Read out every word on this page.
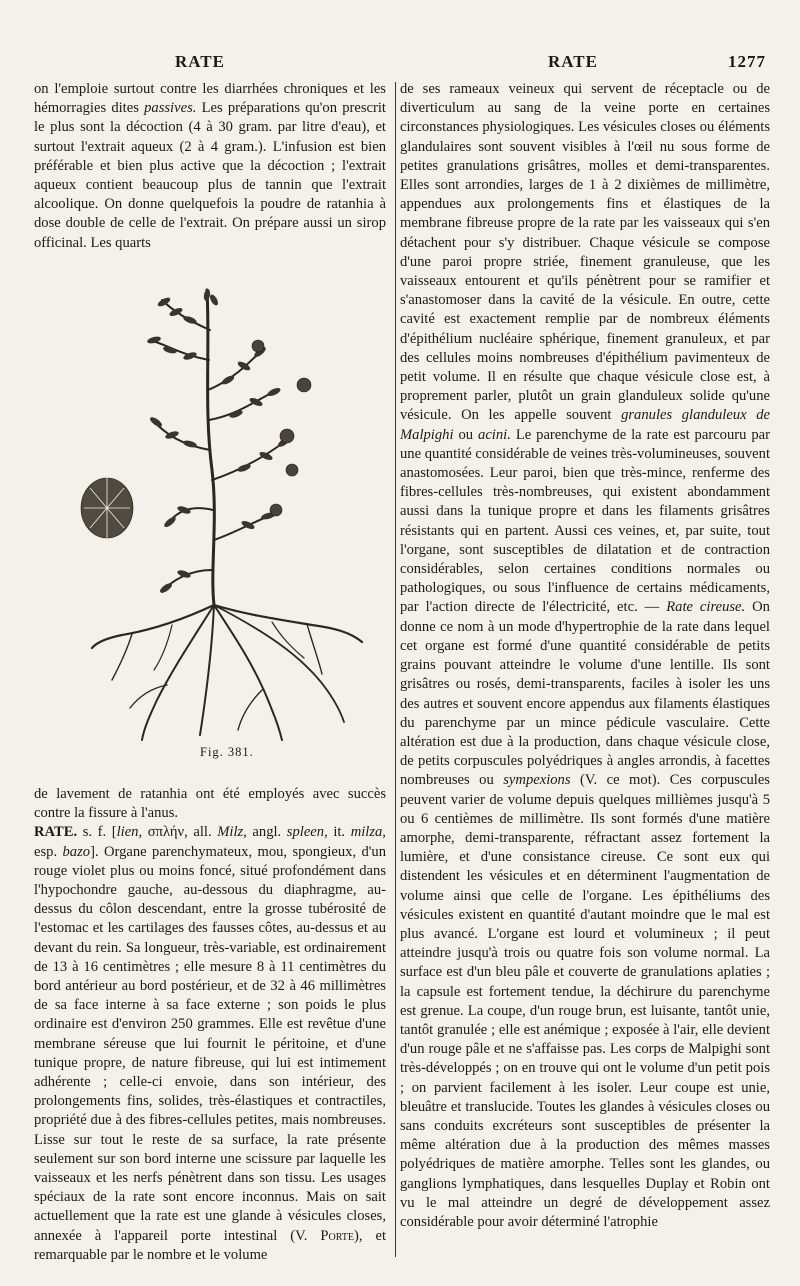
RATE	RATE	1277

on l'emploie surtout contre les diarrhées chroniques et les hémorragies dites passives. Les préparations qu'on prescrit le plus sont la décoction (4 à 30 gram. par litre d'eau), et surtout l'extrait aqueux (2 à 4 gram.). L'infusion est bien préférable et bien plus active que la décoction ; l'extrait aqueux contient beaucoup plus de tannin que l'extrait alcoolique. On donne quelquefois la poudre de ratanhia à dose double de celle de l'extrait. On prépare aussi un sirop officinal. Les quarts

Fig. 381.

de lavement de ratanhia ont été employés avec succès contre la fissure à l'anus.

RATE. s. f. [lien, σπλήν, all. Milz, angl. spleen, it. milza, esp. bazo]. Organe parenchymateux, mou, spongieux, d'un rouge violet plus ou moins foncé, situé profondément dans l'hypochondre gauche, au-dessous du diaphragme, au-dessus du côlon descendant, entre la grosse tubérosité de l'estomac et les cartilages des fausses côtes, au-dessus et au devant du rein. Sa longueur, très-variable, est ordinairement de 13 à 16 centimètres ; elle mesure 8 à 11 centimètres du bord antérieur au bord postérieur, et de 32 à 46 millimètres de sa face interne à sa face externe ; son poids le plus ordinaire est d'environ 250 grammes. Elle est revêtue d'une membrane séreuse que lui fournit le péritoine, et d'une tunique propre, de nature fibreuse, qui lui est intimement adhérente ; celle-ci envoie, dans son intérieur, des prolongements fins, solides, très-élastiques et contractiles, propriété due à des fibres-cellules petites, mais nombreuses. Lisse sur tout le reste de sa surface, la rate présente seulement sur son bord interne une scissure par laquelle les vaisseaux et les nerfs pénètrent dans son tissu. Les usages spéciaux de la rate sont encore inconnus. Mais on sait actuellement que la rate est une glande à vésicules closes, annexée à l'appareil porte intestinal (V. Porte), et remarquable par le nombre et le volume

de ses rameaux veineux qui servent de réceptacle ou de diverticulum au sang de la veine porte en certaines circonstances physiologiques. Les vésicules closes ou éléments glandulaires sont souvent visibles à l'œil nu sous forme de petites granulations grisâtres, molles et demi-transparentes. Elles sont arrondies, larges de 1 à 2 dixièmes de millimètre, appendues aux prolongements fins et élastiques de la membrane fibreuse propre de la rate par les vaisseaux qui s'en détachent pour s'y distribuer. Chaque vésicule se compose d'une paroi propre striée, finement granuleuse, que les vaisseaux entourent et qu'ils pénètrent pour se ramifier et s'anastomoser dans la cavité de la vésicule. En outre, cette cavité est exactement remplie par de nombreux éléments d'épithélium nucléaire sphérique, finement granuleux, et par des cellules moins nombreuses d'épithélium pavimenteux de petit volume. Il en résulte que chaque vésicule close est, à proprement parler, plutôt un grain glanduleux solide qu'une vésicule. On les appelle souvent granules glanduleux de Malpighi ou acini. Le parenchyme de la rate est parcouru par une quantité considérable de veines très-volumineuses, souvent anastomosées. Leur paroi, bien que très-mince, renferme des fibres-cellules très-nombreuses, qui existent abondamment aussi dans la tunique propre et dans les filaments grisâtres résistants qui en partent. Aussi ces veines, et, par suite, tout l'organe, sont susceptibles de dilatation et de contraction considérables, selon certaines conditions normales ou pathologiques, ou sous l'influence de certains médicaments, par l'action directe de l'électricité, etc. — Rate cireuse. On donne ce nom à un mode d'hypertrophie de la rate dans lequel cet organe est formé d'une quantité considérable de petits grains pouvant atteindre le volume d'une lentille. Ils sont grisâtres ou rosés, demi-transparents, faciles à isoler les uns des autres et souvent encore appendus aux filaments élastiques du parenchyme par un mince pédicule vasculaire. Cette altération est due à la production, dans chaque vésicule close, de petits corpuscules polyédriques à angles arrondis, à facettes nombreuses ou sympexions (V. ce mot). Ces corpuscules peuvent varier de volume depuis quelques millièmes jusqu'à 5 ou 6 centièmes de millimètre. Ils sont formés d'une matière amorphe, demi-transparente, réfractant assez fortement la lumière, et d'une consistance cireuse. Ce sont eux qui distendent les vésicules et en déterminent l'augmentation de volume ainsi que celle de l'organe. Les épithéliums des vésicules existent en quantité d'autant moindre que le mal est plus avancé. L'organe est lourd et volumineux ; il peut atteindre jusqu'à trois ou quatre fois son volume normal. La surface est d'un bleu pâle et couverte de granulations aplaties ; la capsule est fortement tendue, la déchirure du parenchyme est grenue. La coupe, d'un rouge brun, est luisante, tantôt unie, tantôt granulée ; elle est anémique ; exposée à l'air, elle devient d'un rouge pâle et ne s'affaisse pas. Les corps de Malpighi sont très-développés ; on en trouve qui ont le volume d'un petit pois ; on parvient facilement à les isoler. Leur coupe est unie, bleuâtre et translucide. Toutes les glandes à vésicules closes ou sans conduits excréteurs sont susceptibles de présenter la même altération due à la production des mêmes masses polyédriques de matière amorphe. Telles sont les glandes, ou ganglions lymphatiques, dans lesquelles Duplay et Robin ont vu le mal atteindre un degré de développement assez considérable pour avoir déterminé l'atrophie
